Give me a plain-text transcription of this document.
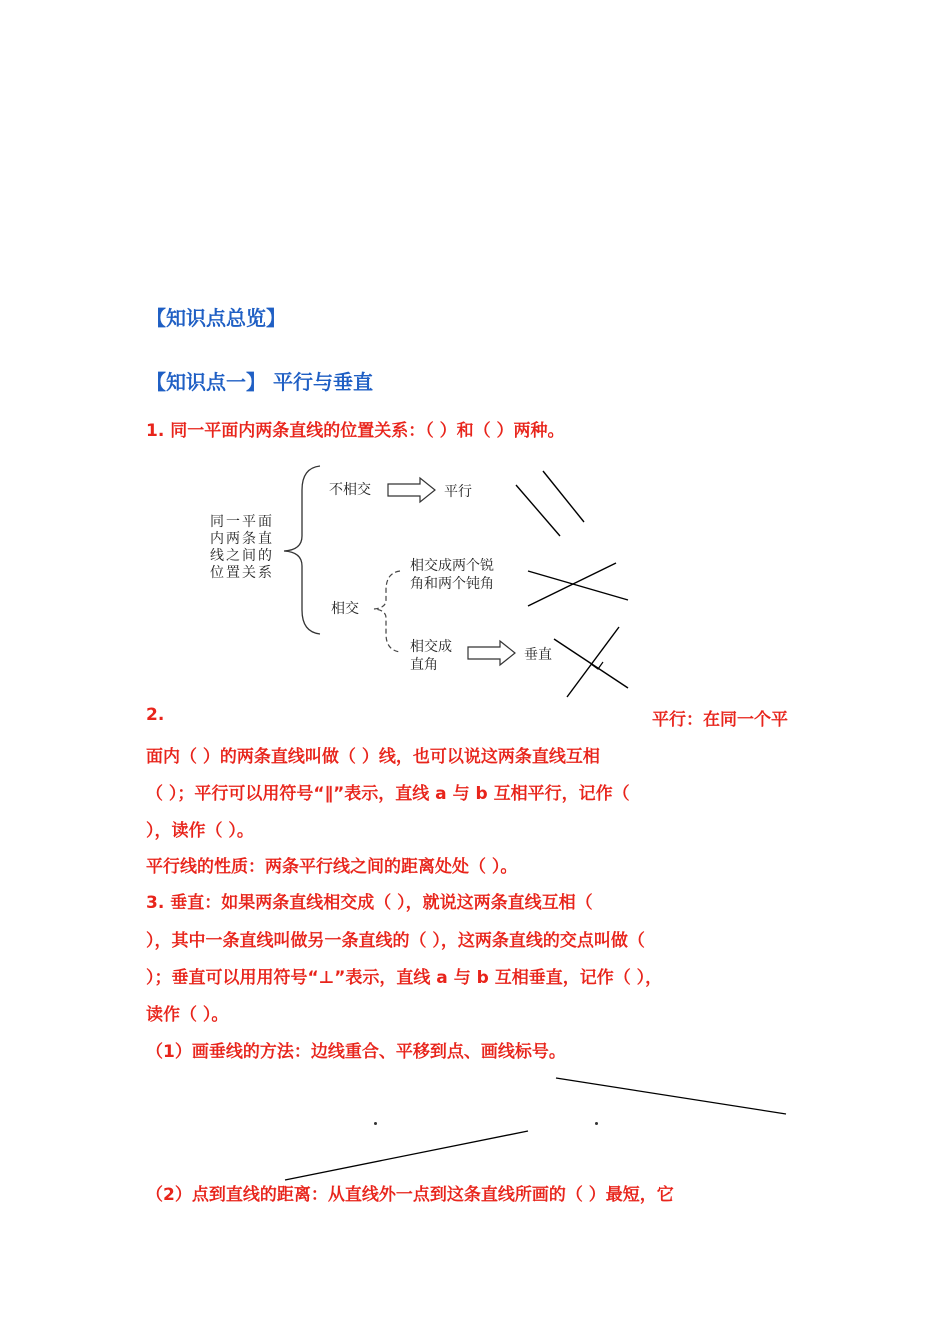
【知识点总览】
【知识点一】 平行与垂直
1. 同一平面内两条直线的位置关系：（ ）和（ ）两种。
同一平面内两条直线之间的位置关系
不相交	平行
相交
相交成两个锐
角和两个钝角
相交成
直角
垂直
2.	平行：在同一个平
面内（ ）的两条直线叫做（ ）线，也可以说这两条直线互相
（ ）；平行可以用符号“∥”表示，直线 a 与 b 互相平行，记作（
），读作（ ）。
平行线的性质：两条平行线之间的距离处处（ ）。
3. 垂直：如果两条直线相交成（ ），就说这两条直线互相（
），其中一条直线叫做另一条直线的（ ），这两条直线的交点叫做（
）；垂直可以用用符号“⊥”表示，直线 a 与 b 互相垂直，记作（ ），
读作（ ）。
（1）画垂线的方法：边线重合、平移到点、画线标号。
（2）点到直线的距离：从直线外一点到这条直线所画的（ ）最短，它
